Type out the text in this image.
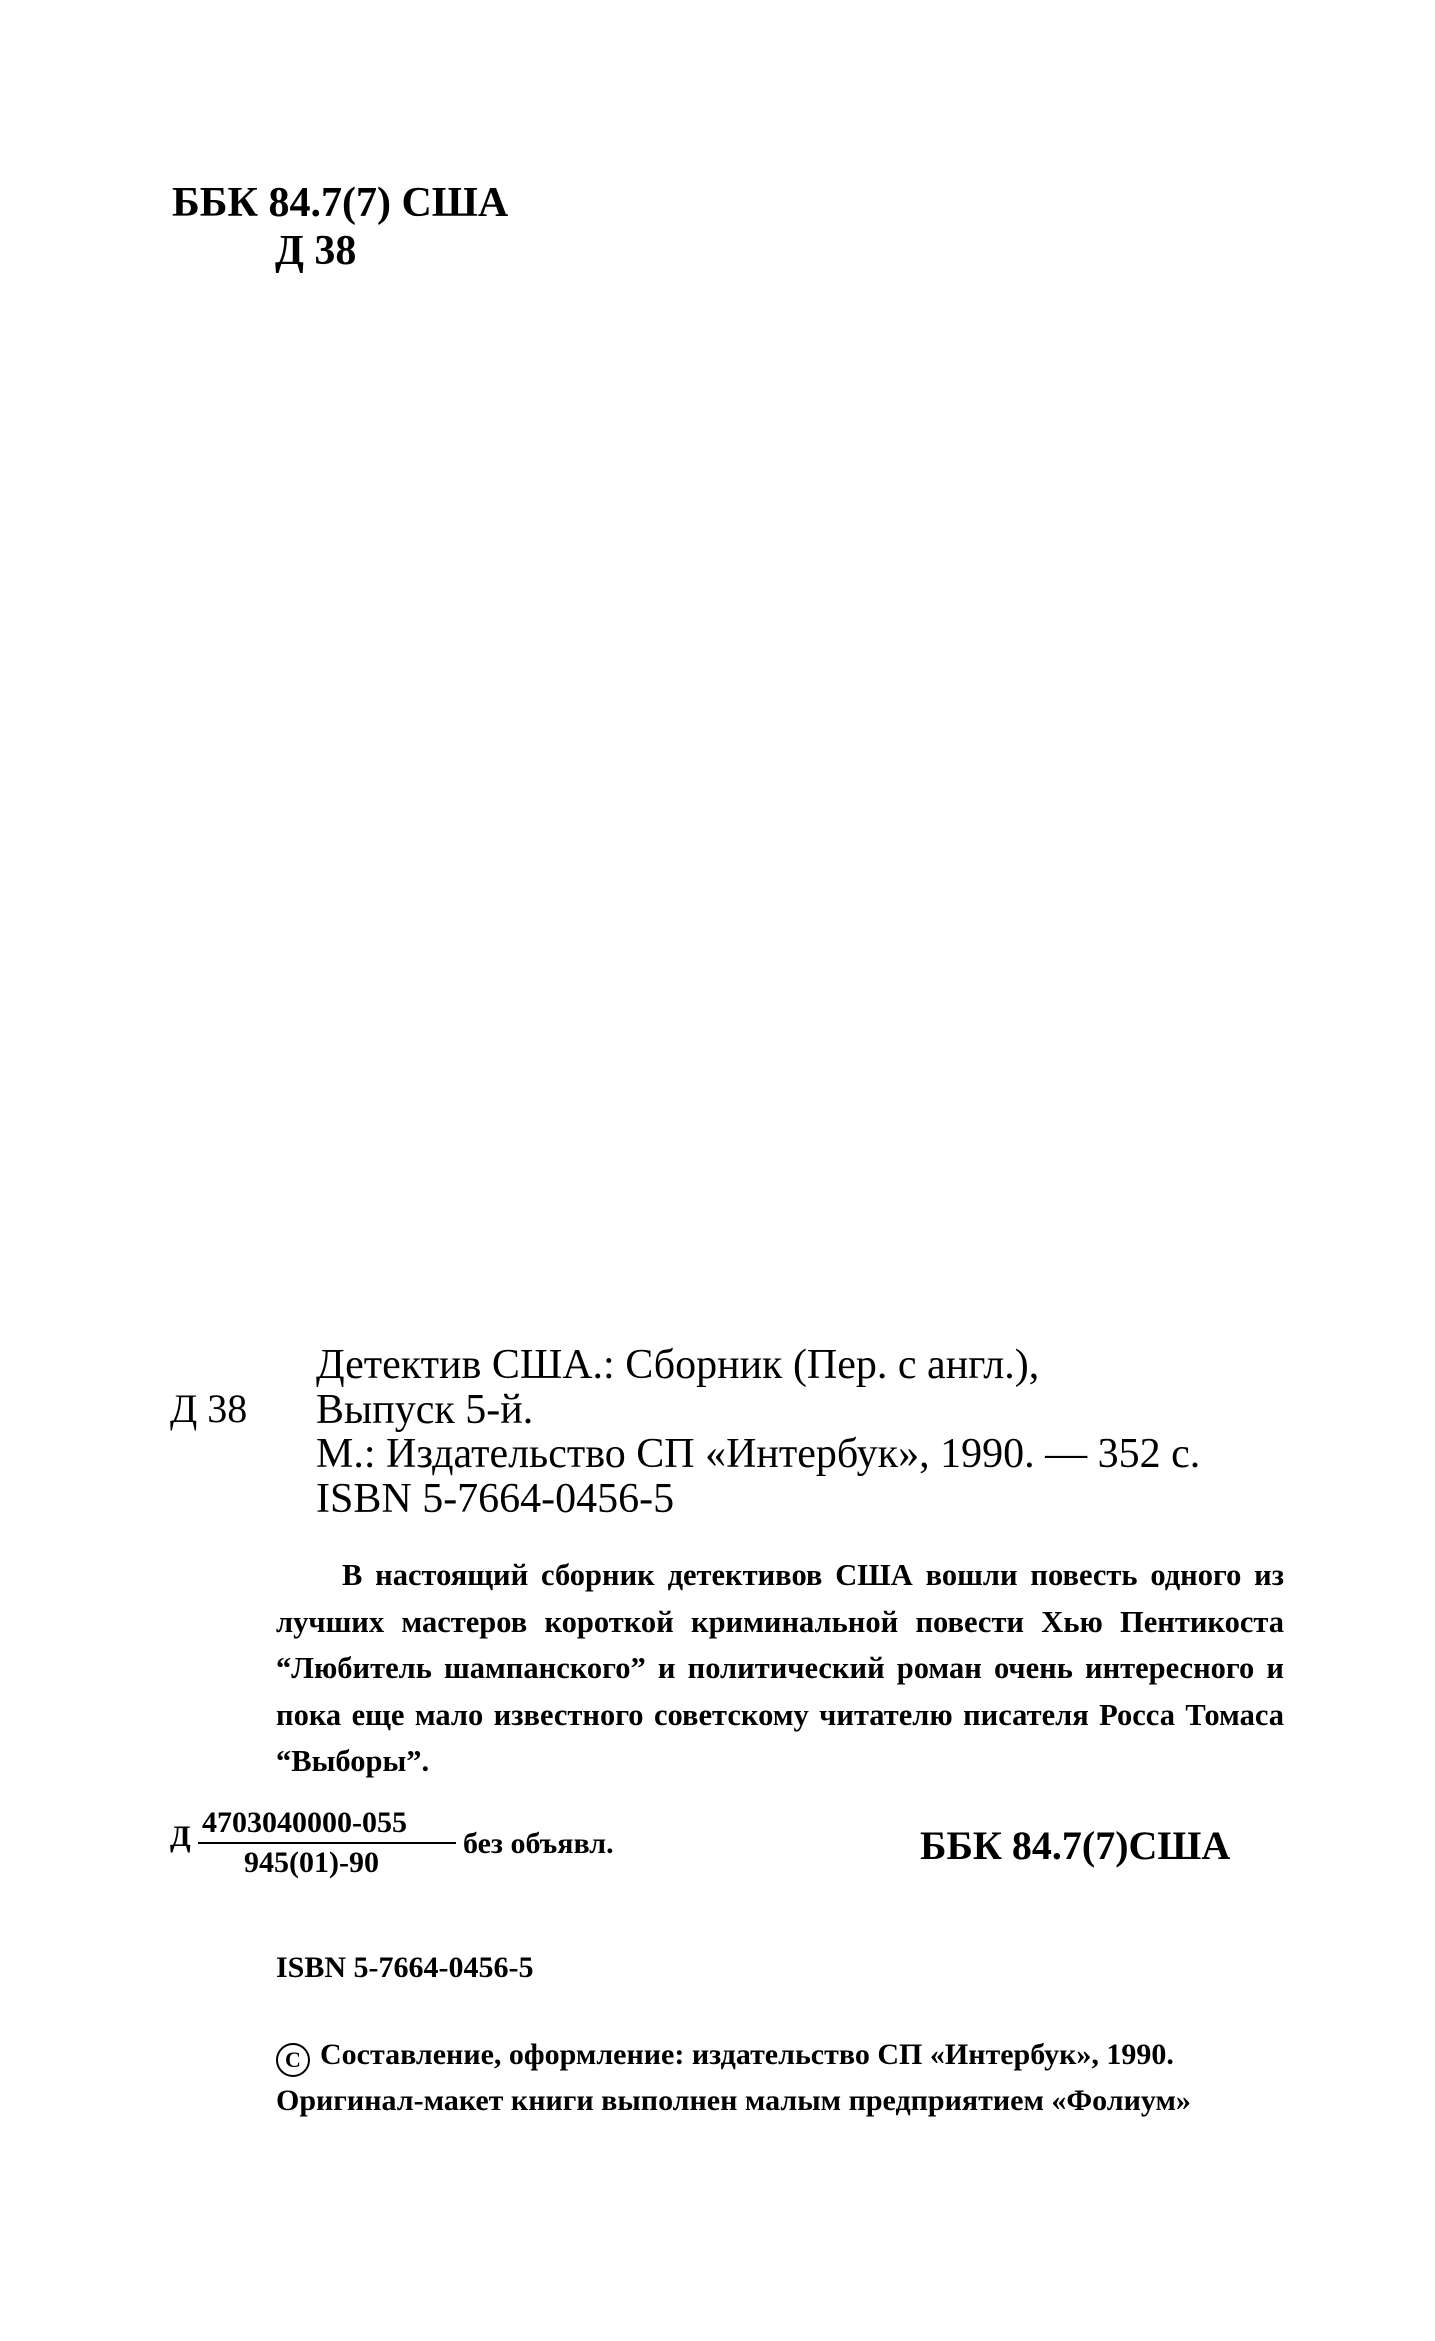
ББК 84.7(7) США
Д 38
Д 38
Детектив США.: Сборник (Пер. с англ.),
Выпуск 5-й.
М.: Издательство СП «Интербук», 1990. — 352 с.
ISBN 5-7664-0456-5

В настоящий сборник детективов США вошли повесть одного из лучших мастеров короткой криминальной повести Хью Пентикоста “Любитель шампанского” и политический роман очень интересного и пока еще мало известного советскому читателю писателя Росса Томаса “Выборы”.

Д 4703040000-055
945(01)-90
без объявл.	ББК 84.7(7)США
ISBN 5-7664-0456-5
C Составление, оформление: издательство СП «Интербук», 1990.
Оригинал-макет книги выполнен малым предприятием «Фолиум»
